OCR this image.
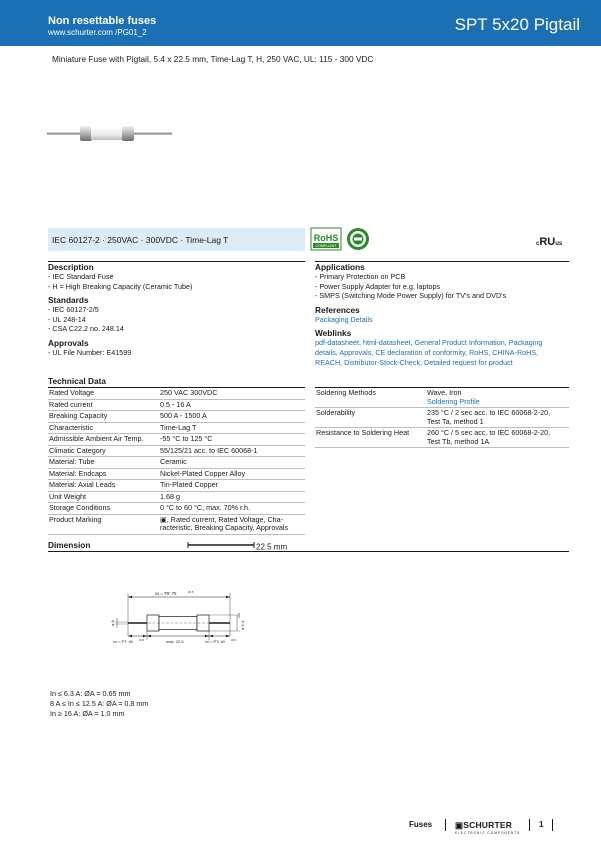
Non resettable fuses
www.schurter.com /PG01_2	SPT 5x20 Pigtail
Miniature Fuse with Pigtail, 5.4 x 22.5 mm, Time-Lag T, H, 250 VAC, UL: 115 - 300 VDC
IEC 60127-2 · 250VAC · 300VDC · Time-Lag T	RoHS
COMPLIANT	cRUus
Description
- IEC Standard Fuse
- H = High Breaking Capacity (Ceramic Tube)
Standards
- IEC 60127-2/5
- UL 248-14
- CSA C22.2 no. 248.14
Approvals
- UL File Number: E41599
Applications
- Primary Protection on PCB
- Power Supply Adapter for e.g. laptops
- SMPS (Switching Mode Power Supply) for TV's and DVD's
References
Packaging Details
Weblinks
pdf-datasheet, html-datasheet, General Product Information, Packaging
details, Approvals, CE declaration of conformity, RoHS, CHINA-RoHS,
REACH, Distributor-Stock-Check, Detailed request for product
Technical Data
Rated Voltage	250 VAC 300VDC
Rated current	0.5 - 16 A
Breaking Capacity	500 A - 1500 A
Characteristic	Time-Lag T
Admissible Ambient Air Temp.	-55 °C to 125 °C
Climatic Category	55/125/21 acc. to IEC 60068-1
Material: Tube	Ceramic
Material: Endcaps	Nickel-Plated Copper Alloy
Material: Axial Leads	Tin-Plated Copper
Unit Weight	1.68 g
Storage Conditions	0 °C to 60 °C, max. 70% r.h.
Product Marking	▣, Rated current, Rated Voltage, Cha-
racteristic, Breaking Capacity, Approvals
Soldering Methods	Wave, Iron
Soldering Profile

Solderability	235 °C / 2 sec acc. to IEC 60068-2-20,
Test Ta, method 1

Resistance to Soldering Heat	260 °C / 5 sec acc. to IEC 60068-2-20,
Test Tb, method 1A
Dimension	22.5 mm
xx = TR: 75	±0.5
ø A	ø 5.4
±0.2
xx = PT: 40 ±0.5	max. 22.5	xx = PT: 40 ±0.5
In ≤ 6.3 A: ØA = 0.65 mm
8 A ≤ In ≤ 12.5 A: ØA = 0.8 mm
In ≥ 16 A: ØA = 1.0 mm
Fuses	▣SCHURTER
ELECTRONIC COMPONENTS
1
